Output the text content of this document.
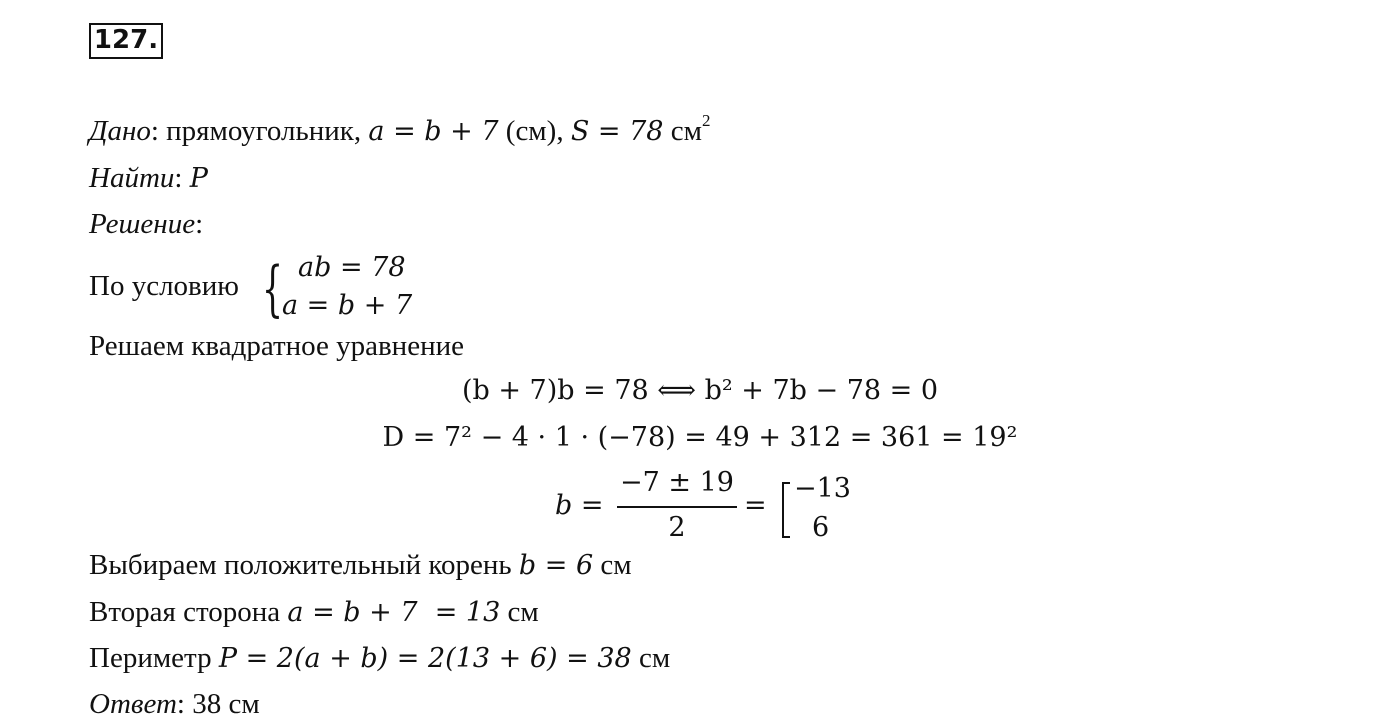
127.
Дано: прямоугольник, a = b + 7 (см), S = 78 $см^2$
Найти: P
Решение:
По условию { ab = 78
a = b + 7
Решаем квадратное уравнение
(b + 7)b = 78 ⟺ b² + 7b − 78 = 0
D = 7² − 4 · 1 · (−78) = 49 + 312 = 361 = 19²
b =
−7 ± 19
2
=
−13
6
Выбираем положительный корень b = 6 см
Вторая сторона a = b + 7  = 13 см
Периметр P = 2(a + b) = 2(13 + 6) = 38 см
Ответ: 38 см
